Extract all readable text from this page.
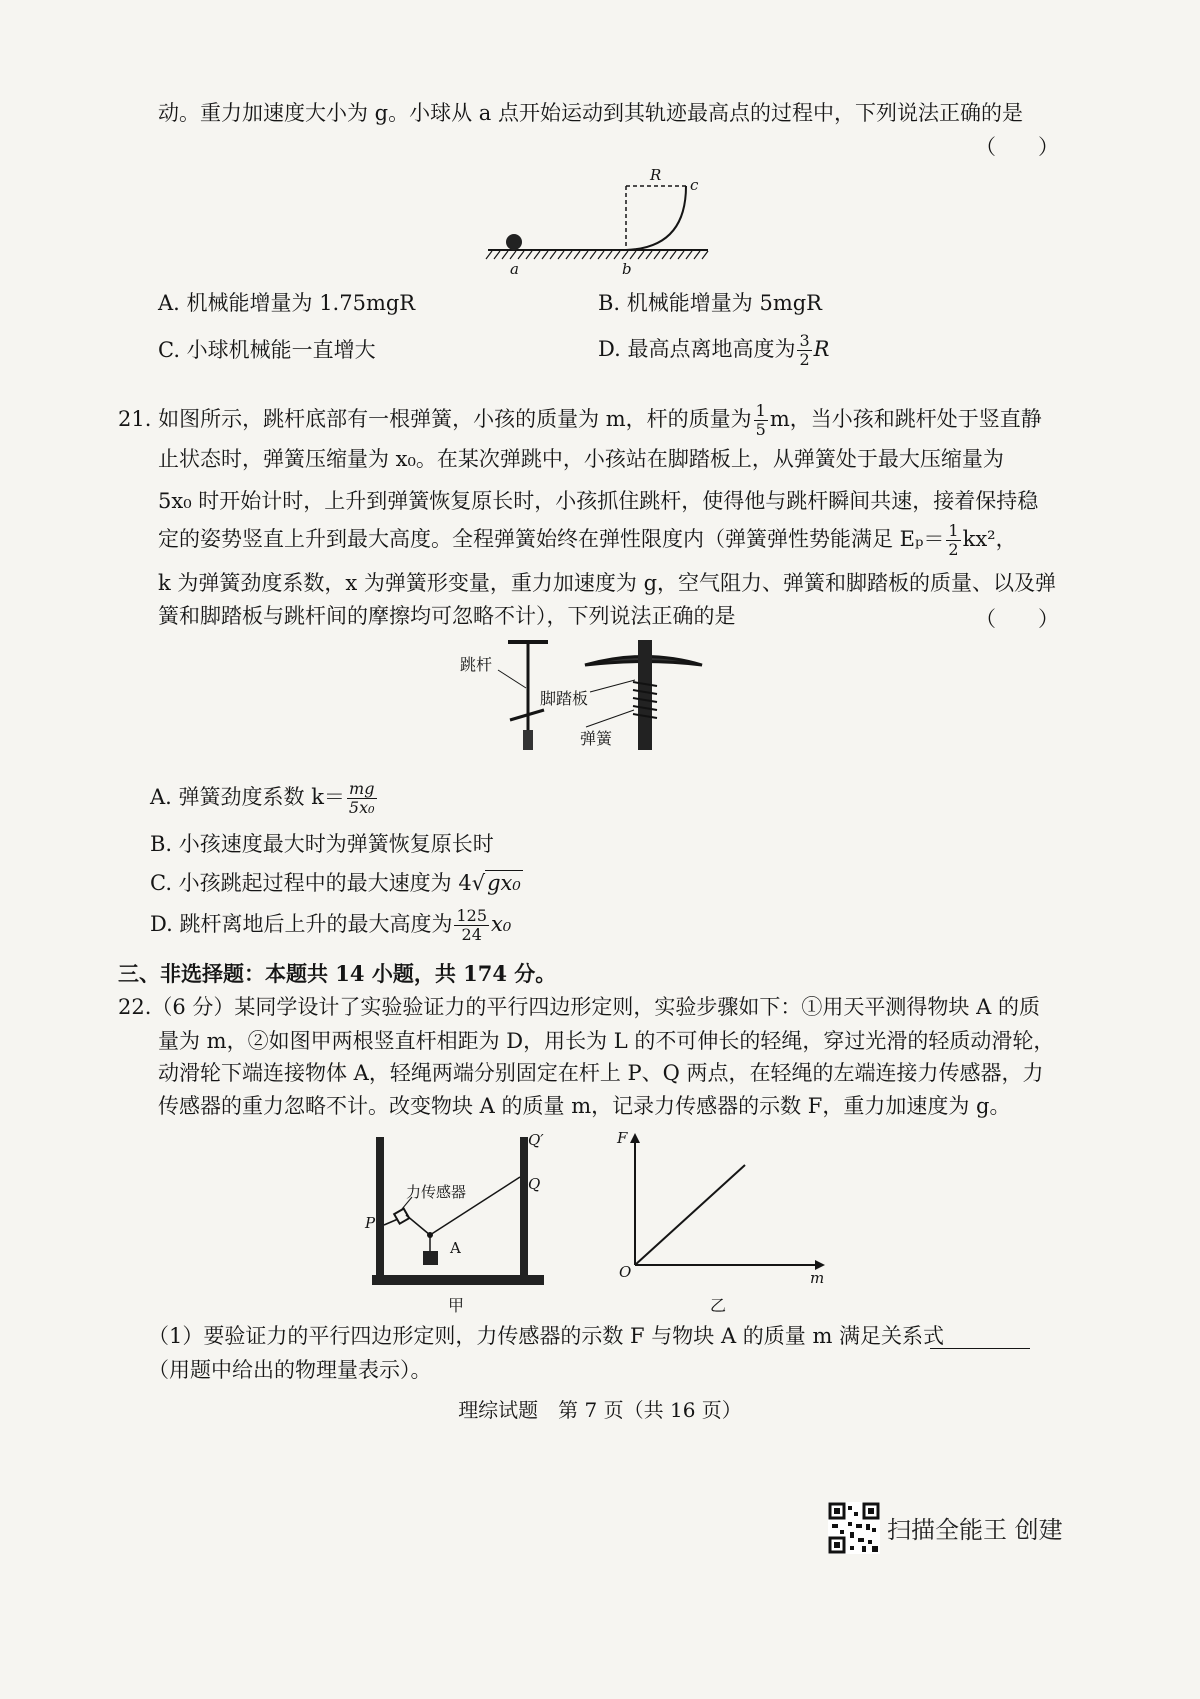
动。重力加速度大小为 g。小球从 a 点开始运动到其轨迹最高点的过程中，下列说法正确的是
（　　）
R
c
a	b
A. 机械能增量为 1.75mgR	B. 机械能增量为 5mgR
C. 小球机械能一直增大	D. 最高点离地高度为 $\frac{3}{2}$ R
21. 如图所示，跳杆底部有一根弹簧，小孩的质量为 m，杆的质量为 $\frac{1}{5}$ m，当小孩和跳杆处于竖直静
止状态时，弹簧压缩量为 x₀。在某次弹跳中，小孩站在脚踏板上，从弹簧处于最大压缩量为
5x₀ 时开始计时，上升到弹簧恢复原长时，小孩抓住跳杆，使得他与跳杆瞬间共速，接着保持稳
定的姿势竖直上升到最大高度。全程弹簧始终在弹性限度内（弹簧弹性势能满足 $E_p= \frac{1}{2} kx^2$，
k 为弹簧劲度系数，x 为弹簧形变量，重力加速度为 g，空气阻力、弹簧和脚踏板的质量、以及弹
簧和脚踏板与跳杆间的摩擦均可忽略不计），下列说法正确的是	（　　）
跳杆
脚踏板
弹簧
A. 弹簧劲度系数 $k= \frac{mg}{\text{5x₀}}$
B. 小孩速度最大时为弹簧恢复原长时
C. 小孩跳起过程中的最大速度为 4√gx₀
D. 跳杆离地后上升的最大高度为 $\frac{125}{24} x_0$
三、非选择题：本题共 14 小题，共 174 分。
22.（6 分）某同学设计了实验验证力的平行四边形定则，实验步骤如下：①用天平测得物块 A 的质
量为 m，②如图甲两根竖直杆相距为 D，用长为 L 的不可伸长的轻绳，穿过光滑的轻质动滑轮，
动滑轮下端连接物体 A，轻绳两端分别固定在杆上 P、Q 两点，在轻绳的左端连接力传感器，力
传感器的重力忽略不计。改变物块 A 的质量 m，记录力传感器的示数 F，重力加速度为 g。
力传感器
P
Q
Q′
A
甲
F
O	m
乙
（1）要验证力的平行四边形定则，力传感器的示数 F 与物块 A 的质量 m 满足关系式
（用题中给出的物理量表示）。
理综试题　第 7 页（共 16 页）
扫描全能王 创建
